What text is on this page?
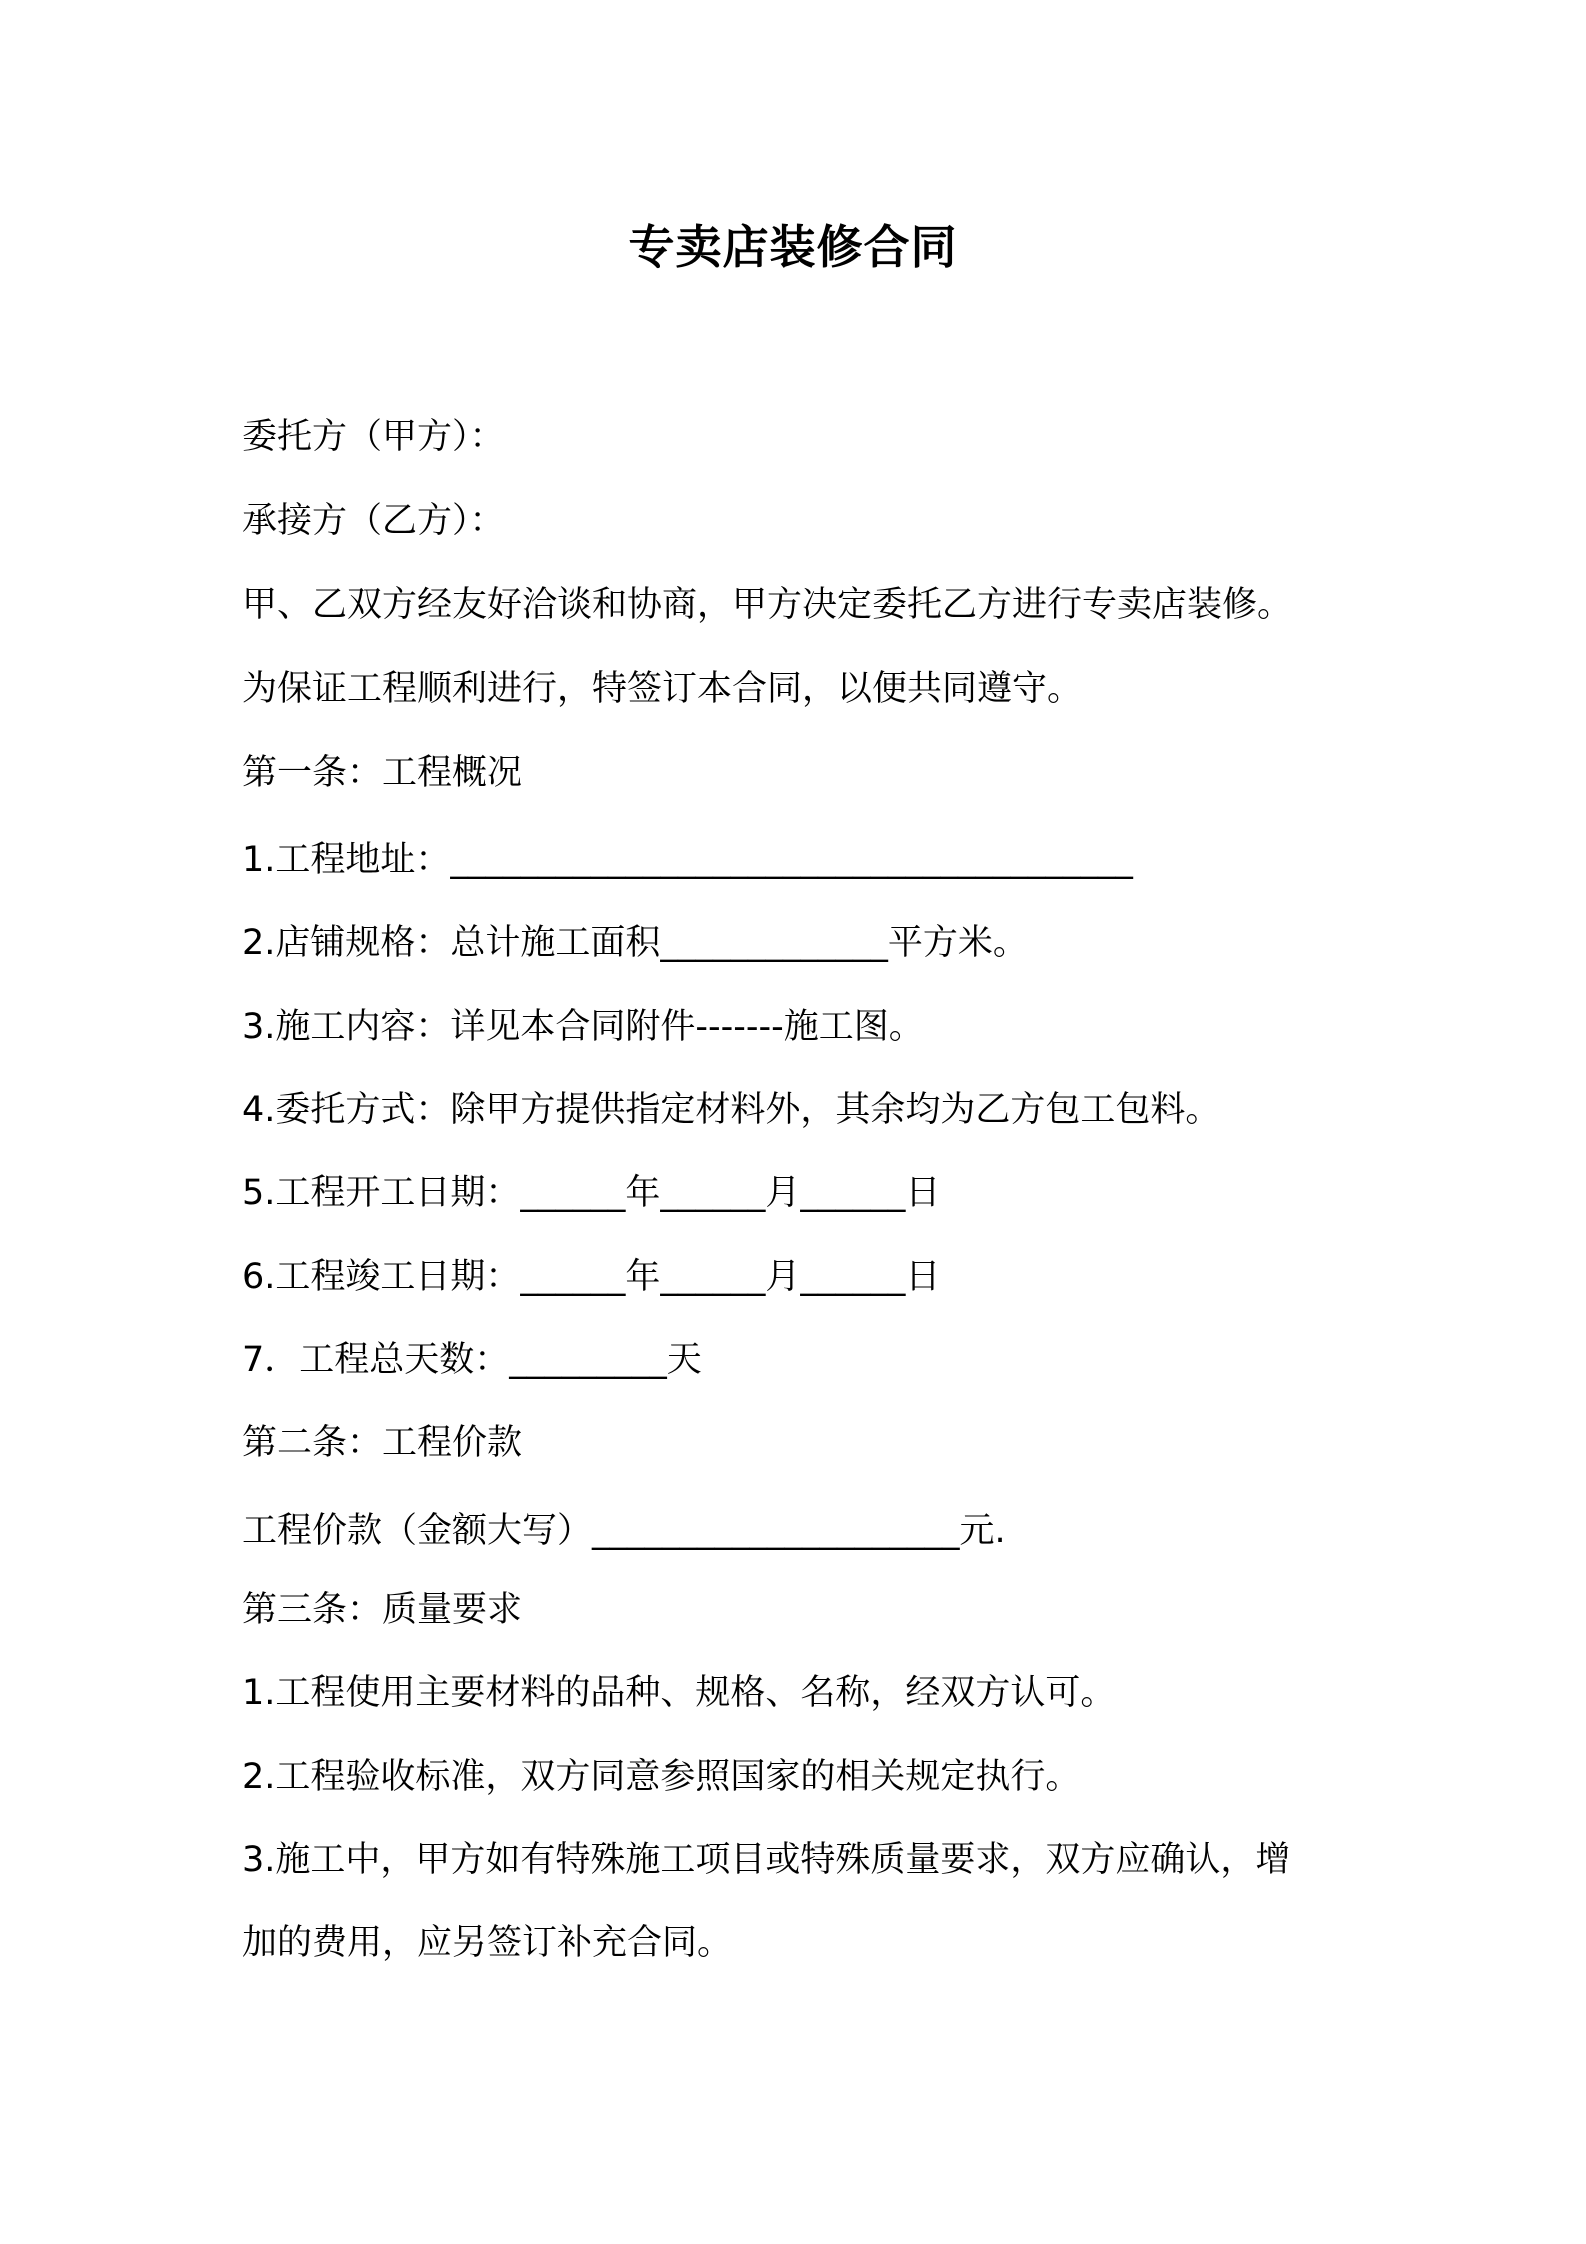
专卖店装修合同
委托方（甲方）：
承接方（乙方）：
甲、乙双方经友好洽谈和协商，甲方决定委托乙方进行专卖店装修。
为保证工程顺利进行，特签订本合同，以便共同遵守。
第一条：工程概况
1.工程地址：_______________________________________
2.店铺规格：总计施工面积_____________平方米。
3.施工内容：详见本合同附件-------施工图。
4.委托方式：除甲方提供指定材料外，其余均为乙方包工包料。
5.工程开工日期：______年______月______日
6.工程竣工日期：______年______月______日
7．工程总天数：_________天
第二条：工程价款
工程价款（金额大写）_____________________元.
第三条：质量要求
1.工程使用主要材料的品种、规格、名称，经双方认可。
2.工程验收标准，双方同意参照国家的相关规定执行。
3.施工中，甲方如有特殊施工项目或特殊质量要求，双方应确认，增
加的费用，应另签订补充合同。
